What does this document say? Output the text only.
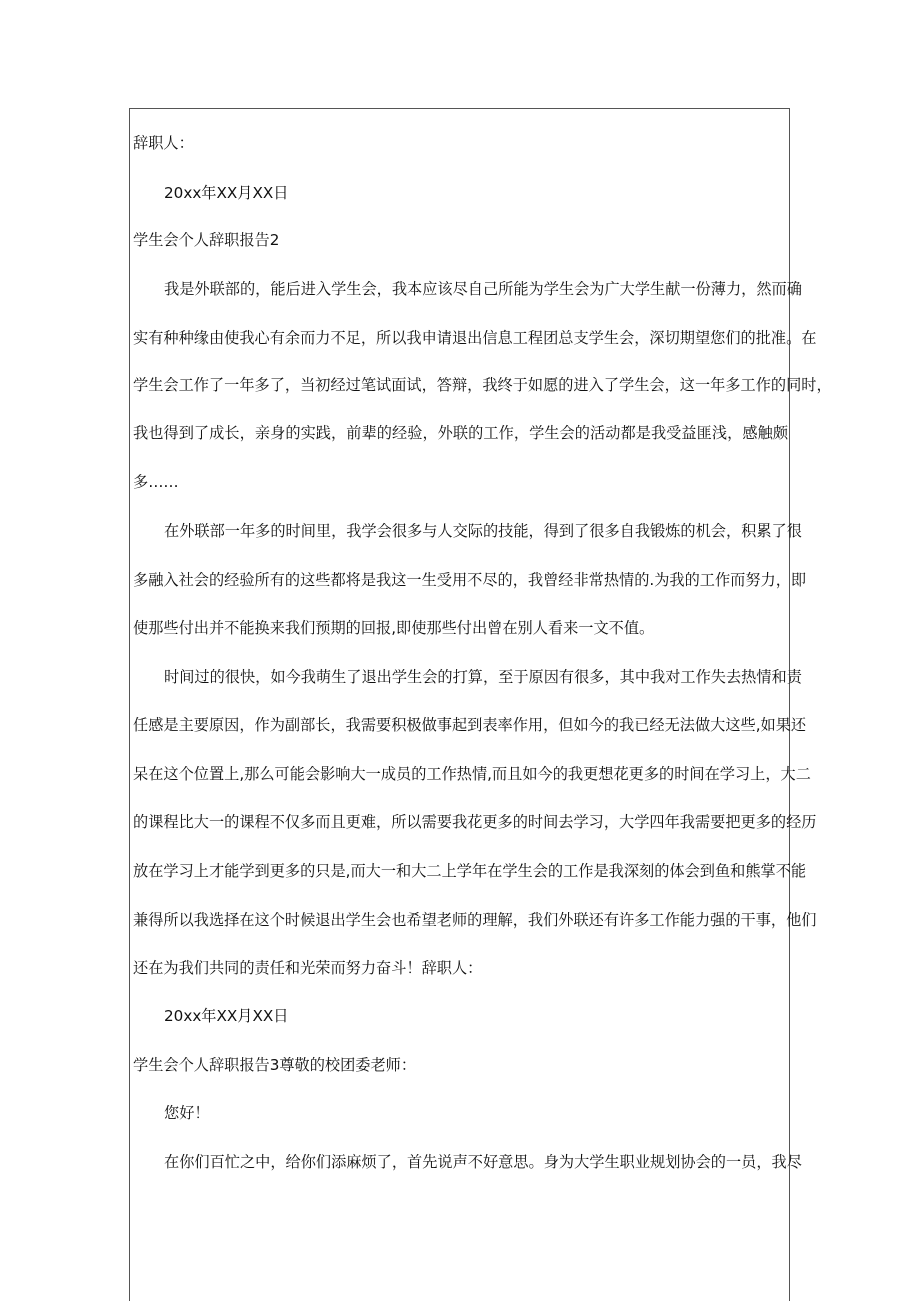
辞职人：
20xx年XX月XX日
学生会个人辞职报告2
我是外联部的，能后进入学生会，我本应该尽自己所能为学生会为广大学生献一份薄力，然而确
实有种种缘由使我心有余而力不足，所以我申请退出信息工程团总支学生会，深切期望您们的批准。在
学生会工作了一年多了，当初经过笔试面试，答辩，我终于如愿的进入了学生会，这一年多工作的同时，
我也得到了成长，亲身的实践，前辈的经验，外联的工作，学生会的活动都是我受益匪浅，感触颇
多……
在外联部一年多的时间里，我学会很多与人交际的技能，得到了很多自我锻炼的机会，积累了很
多融入社会的经验所有的这些都将是我这一生受用不尽的，我曾经非常热情的.为我的工作而努力，即
使那些付出并不能换来我们预期的回报,即使那些付出曾在别人看来一文不值。
时间过的很快，如今我萌生了退出学生会的打算，至于原因有很多，其中我对工作失去热情和责
任感是主要原因，作为副部长，我需要积极做事起到表率作用，但如今的我已经无法做大这些,如果还
呆在这个位置上,那么可能会影响大一成员的工作热情,而且如今的我更想花更多的时间在学习上，大二
的课程比大一的课程不仅多而且更难，所以需要我花更多的时间去学习，大学四年我需要把更多的经历
放在学习上才能学到更多的只是,而大一和大二上学年在学生会的工作是我深刻的体会到鱼和熊掌不能
兼得所以我选择在这个时候退出学生会也希望老师的理解，我们外联还有许多工作能力强的干事，他们
还在为我们共同的责任和光荣而努力奋斗！辞职人：
20xx年XX月XX日
学生会个人辞职报告3尊敬的校团委老师：
您好！
在你们百忙之中，给你们添麻烦了，首先说声不好意思。身为大学生职业规划协会的一员，我尽
